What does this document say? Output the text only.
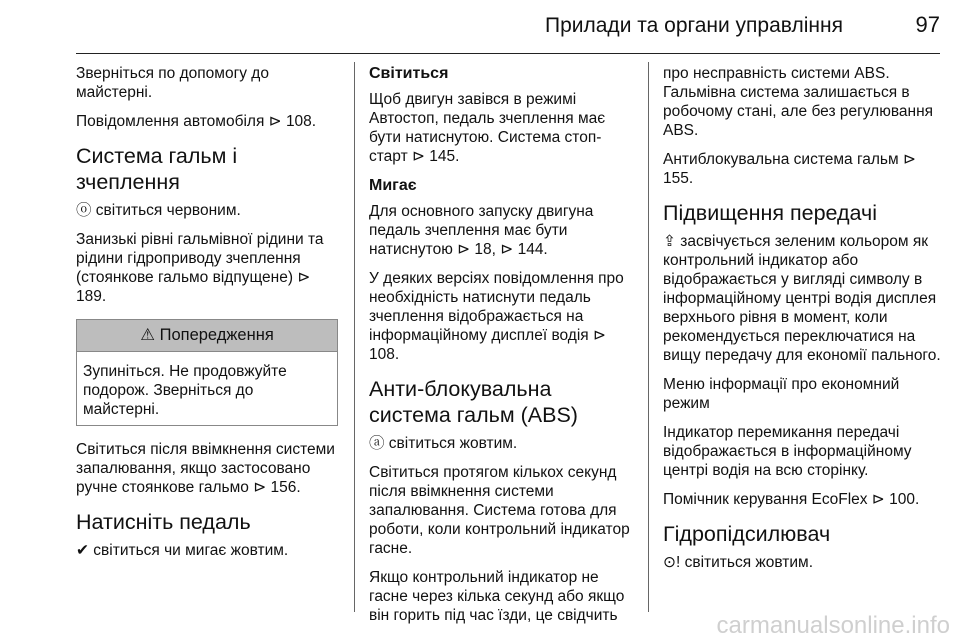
Прилади та органи управління	97

Зверніться по допомогу до майстерні.

Повідомлення автомобіля ⊳ 108.

Система гальм і зчеплення

ⓞ світиться червоним.

Занизькі рівні гальмівної рідини та рідини гідроприводу зчеплення (стоянкове гальмо відпущене) ⊳ 189.

⚠ Попередження
Зупиніться. Не продовжуйте подорож. Зверніться до майстерні.

Світиться після ввімкнення системи запалювання, якщо застосовано ручне стоянкове гальмо ⊳ 156.

Натисніть педаль

✔ світиться чи мигає жовтим.

Світиться

Щоб двигун завівся в режимі Автостоп, педаль зчеплення має бути натиснутою. Система стоп-старт ⊳ 145.

Мигає

Для основного запуску двигуна педаль зчеплення має бути натиснутою ⊳ 18, ⊳ 144.

У деяких версіях повідомлення про необхідність натиснути педаль зчеплення відображається на інформаційному дисплеї водія ⊳ 108.

Анти-блокувальна система гальм (ABS)

ⓐ світиться жовтим.

Світиться протягом кількох секунд після ввімкнення системи запалювання. Система готова для роботи, коли контрольний індикатор гасне.

Якщо контрольний індикатор не гасне через кілька секунд або якщо він горить під час їзди, це свідчить

про несправність системи ABS. Гальмівна система залишається в робочому стані, але без регулювання ABS.

Антиблокувальна система гальм ⊳ 155.

Підвищення передачі

⇪ засвічується зеленим кольором як контрольний індикатор або відображається у вигляді символу в інформаційному центрі водія дисплея верхнього рівня в момент, коли рекомендується переключатися на вищу передачу для економії пального.

Меню інформації про економний режим

Індикатор перемикання передачі відображається в інформаційному центрі водія на всю сторінку.

Помічник керування EcoFlex ⊳ 100.

Гідропідсилювач

⊙! світиться жовтим.

carmanualsonline.info
